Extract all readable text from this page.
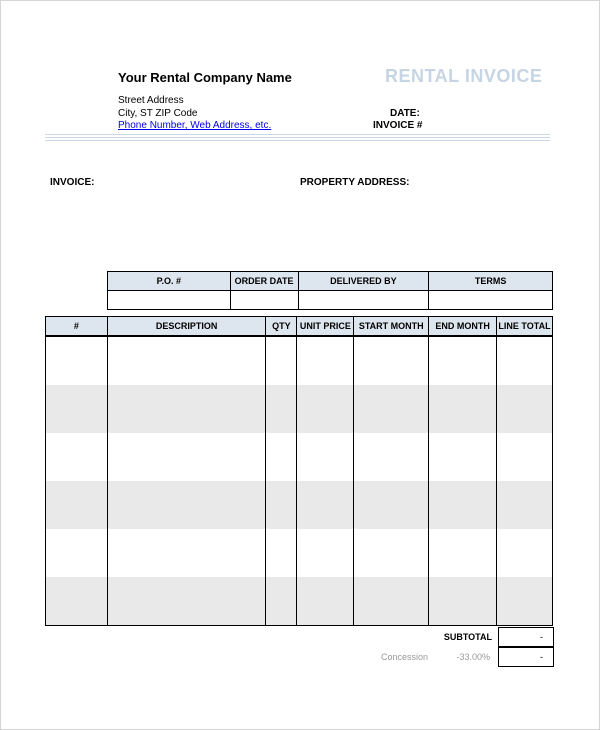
Your Rental Company Name	RENTAL INVOICE
Street Address
City, ST ZIP Code
Phone Number, Web Address, etc.
DATE:
INVOICE #
INVOICE:	PROPERTY ADDRESS:
P.O. #	ORDER DATE	DELIVERED BY	TERMS

#	DESCRIPTION	QTY	UNIT PRICE	START MONTH	END MONTH	LINE TOTAL

SUBTOTAL	-
Concession	-33.00%	-
